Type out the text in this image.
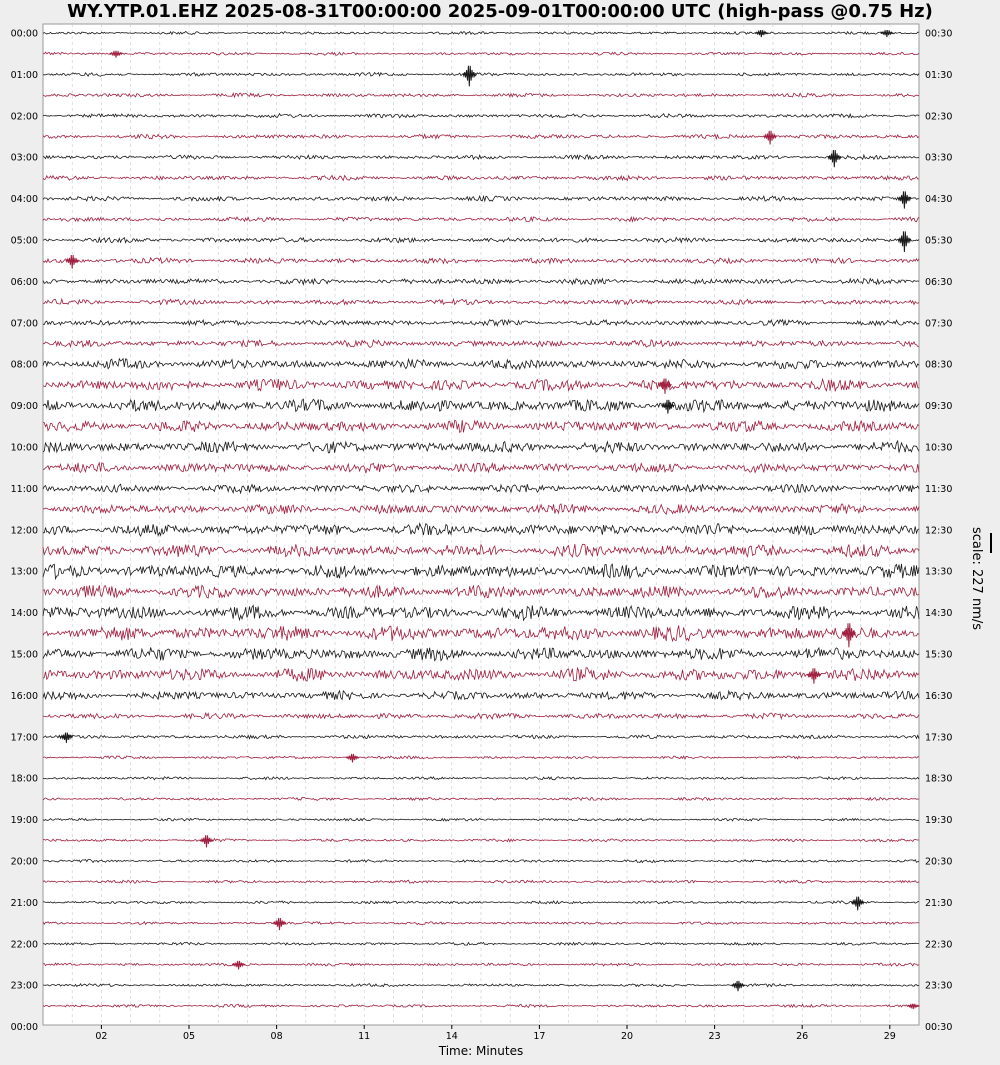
WY.YTP.01.EHZ 2025-08-31T00:00:00 2025-09-01T00:00:00 UTC (high-pass @0.75 Hz)
00:00
01:00
02:00
03:00
04:00
05:00
06:00
07:00
08:00
09:00
10:00
11:00
12:00
13:00
14:00
15:00
16:00
17:00
18:00
19:00
20:00
21:00
22:00
23:00
00:00
00:30
01:30
02:30
03:30
04:30
05:30
06:30
07:30
08:30
09:30
10:30
11:30
12:30
13:30
14:30
15:30
16:30
17:30
18:30
19:30
20:30
21:30
22:30
23:30
00:30
02	05	08	11	14	17	20	23	26	29
Time: Minutes
scale: 227 nm/s
